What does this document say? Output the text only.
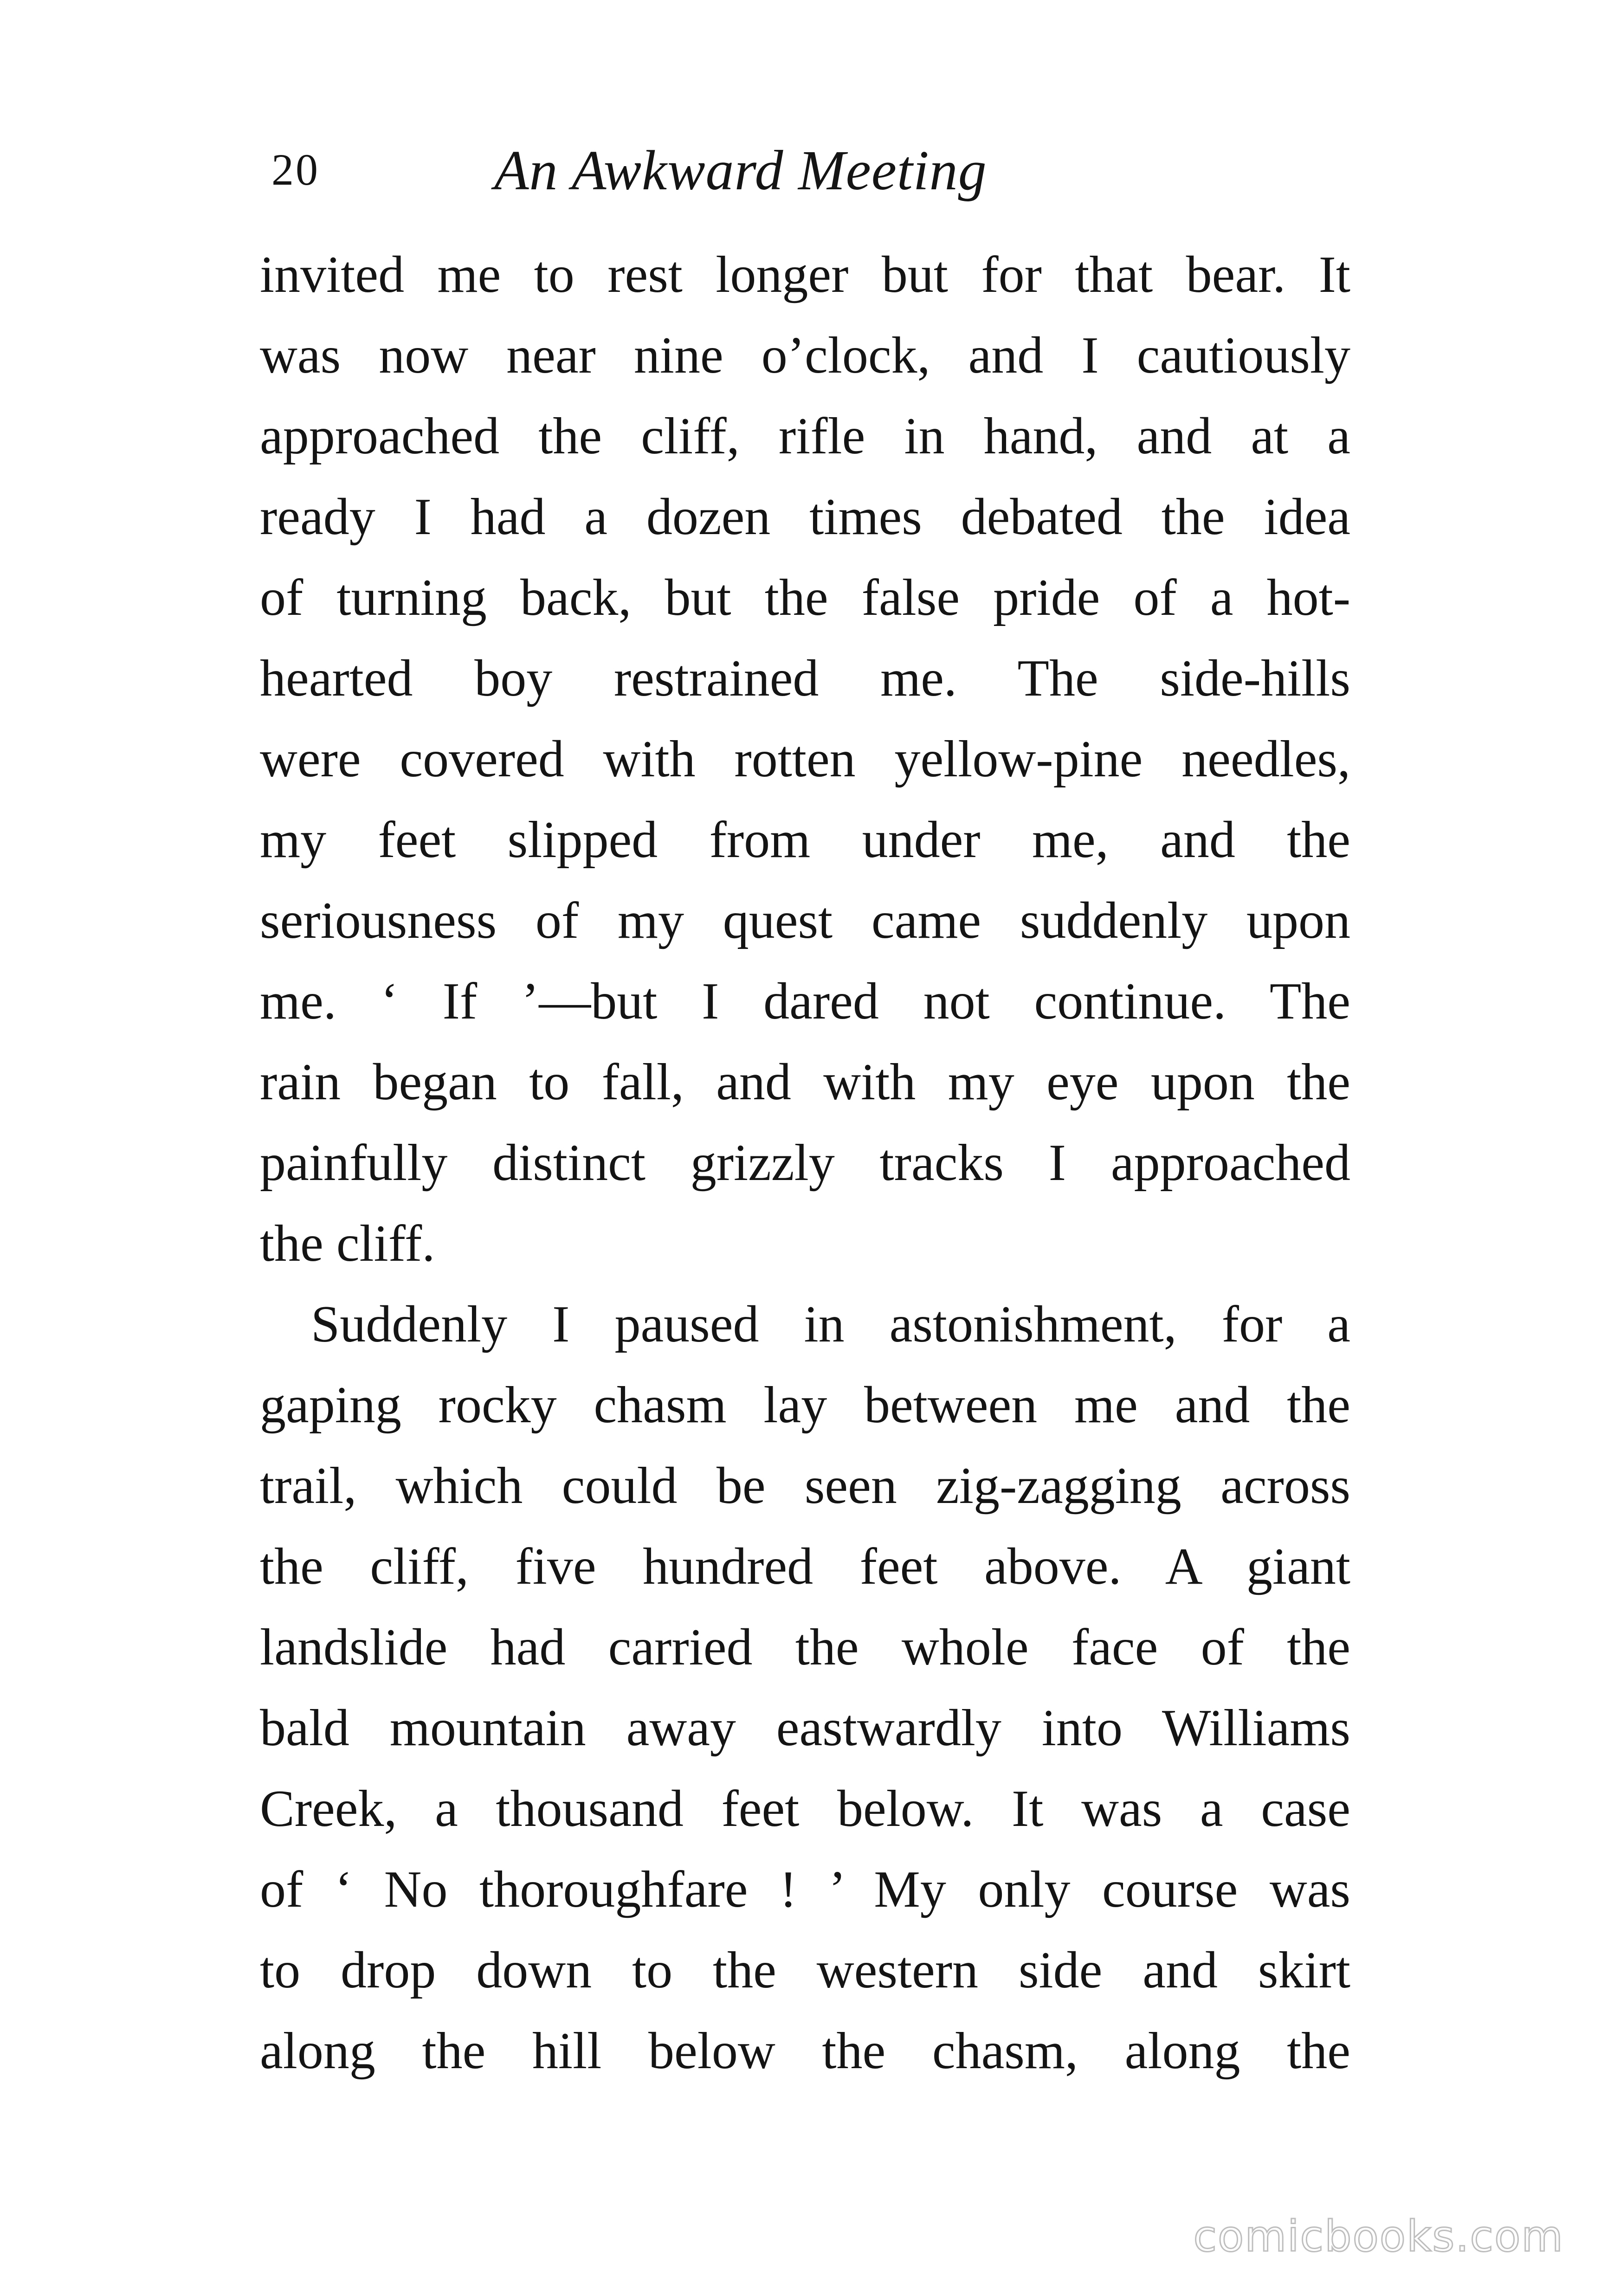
20	An Awkward Meeting
invited me to rest longer but for that bear. It
was now near nine o’clock, and I cautiously
approached the cliff, rifle in hand, and at a
ready I had a dozen times debated the idea
of turning back, but the false pride of a hot-
hearted boy restrained me. The side-hills
were covered with rotten yellow-pine needles,
my feet slipped from under me, and the
seriousness of my quest came suddenly upon
me. ‘ If ’—but I dared not continue. The
rain began to fall, and with my eye upon the
painfully distinct grizzly tracks I approached
the cliff.
Suddenly I paused in astonishment, for a
gaping rocky chasm lay between me and the
trail, which could be seen zig-zagging across
the cliff, five hundred feet above. A giant
landslide had carried the whole face of the
bald mountain away eastwardly into Williams
Creek, a thousand feet below. It was a case
of ‘ No thoroughfare ! ’ My only course was
to drop down to the western side and skirt
along the hill below the chasm, along the
comicbooks.com
